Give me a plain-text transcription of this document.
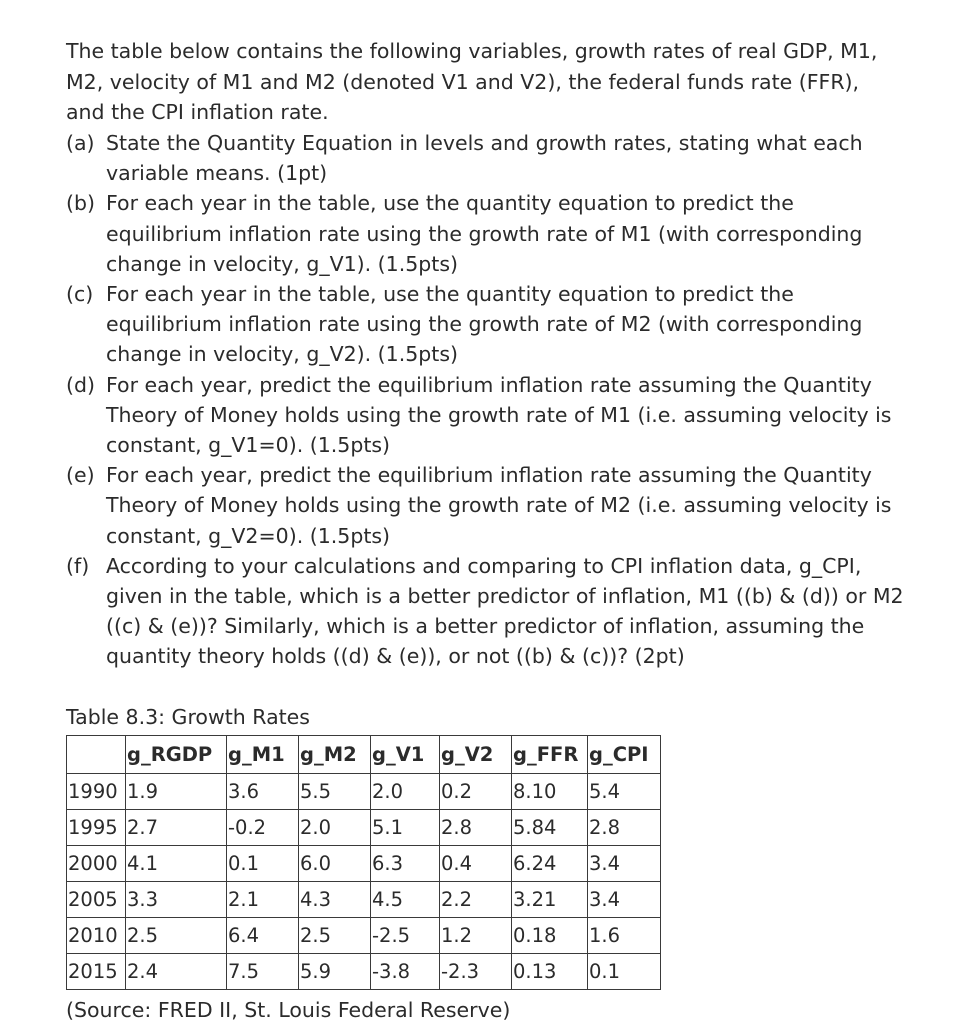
The table below contains the following variables, growth rates of real GDP, M1, M2, velocity of M1 and M2 (denoted V1 and V2), the federal funds rate (FFR), and the CPI inflation rate.

(a) State the Quantity Equation in levels and growth rates, stating what each variable means. (1pt)
(b) For each year in the table, use the quantity equation to predict the equilibrium inflation rate using the growth rate of M1 (with corresponding change in velocity, g_V1). (1.5pts)
(c) For each year in the table, use the quantity equation to predict the equilibrium inflation rate using the growth rate of M2 (with corresponding change in velocity, g_V2). (1.5pts)
(d) For each year, predict the equilibrium inflation rate assuming the Quantity Theory of Money holds using the growth rate of M1 (i.e. assuming velocity is constant, g_V1=0). (1.5pts)
(e) For each year, predict the equilibrium inflation rate assuming the Quantity Theory of Money holds using the growth rate of M2 (i.e. assuming velocity is constant, g_V2=0). (1.5pts)
(f) According to your calculations and comparing to CPI inflation data, g_CPI, given in the table, which is a better predictor of inflation, M1 ((b) & (d)) or M2 ((c) & (e))? Similarly, which is a better predictor of inflation, assuming the quantity theory holds ((d) & (e)), or not ((b) & (c))? (2pt)
Table 8.3: Growth Rates
	g_RGDP	g_M1	g_M2	g_V1	g_V2	g_FFR	g_CPI
1990	1.9	3.6	5.5	2.0	0.2	8.10	5.4
1995	2.7	-0.2	2.0	5.1	2.8	5.84	2.8
2000	4.1	0.1	6.0	6.3	0.4	6.24	3.4
2005	3.3	2.1	4.3	4.5	2.2	3.21	3.4
2010	2.5	6.4	2.5	-2.5	1.2	0.18	1.6
2015	2.4	7.5	5.9	-3.8	-2.3	0.13	0.1
(Source: FRED II, St. Louis Federal Reserve)
